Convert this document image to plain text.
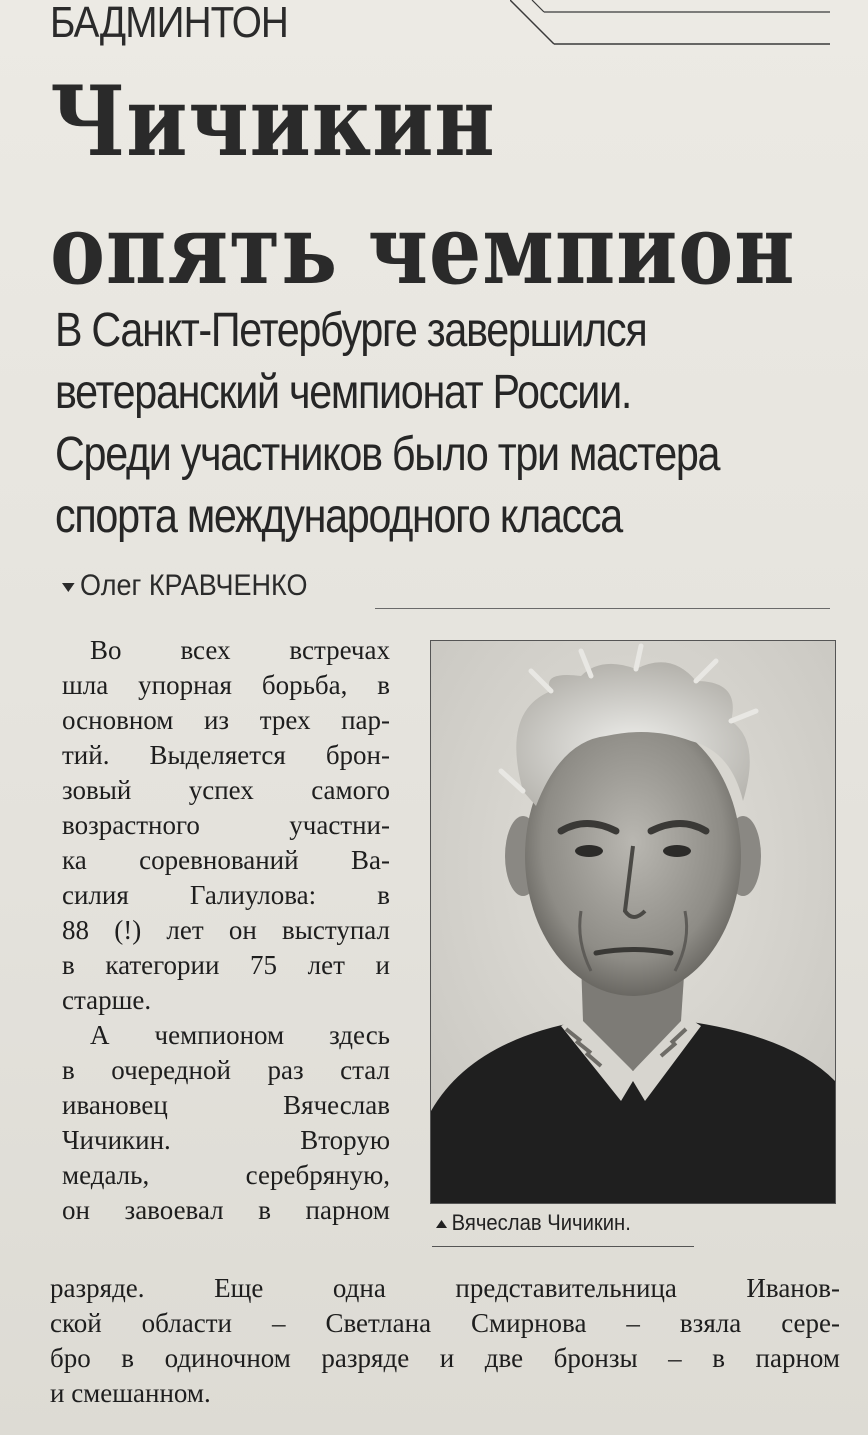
БАДМИНТОН
Чичикин
опять чемпион
В Санкт-Петербурге завершился
ветеранский чемпионат России.
Среди участников было три мастера
спорта международного класса
Олег КРАВЧЕНКО
Во всех встречах
шла упорная борьба, в
основном из трех пар-
тий. Выделяется брон-
зовый успех самого
возрастного участни-
ка соревнований Ва-
силия Галиулова: в
88 (!) лет он выступал
в категории 75 лет и
старше.
А чемпионом здесь
в очередной раз стал
ивановец Вячеслав
Чичикин. Вторую
медаль, серебряную,
он завоевал в парном
разряде. Еще одна представительница Иванов-
ской области – Светлана Смирнова – взяла сере-
бро в одиночном разряде и две бронзы – в парном
и смешанном.
Вячеслав Чичикин.
